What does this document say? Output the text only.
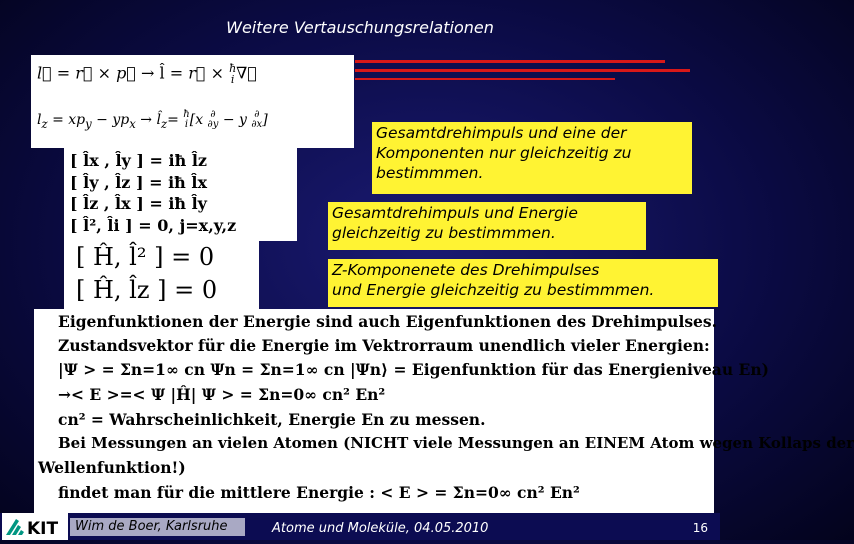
Weitere Vertauschungsrelationen
l⃗ = r⃗ × p⃗ → l̂ = r⃗ × ħ
i ∇⃗
$l_z = xp_y - yp_x$ → $l̂_z=$ ħ
i [x ∂
∂y − y ∂
∂x]
[ l̂x , l̂y ] = iħ l̂z
[ l̂y , l̂z ] = iħ l̂x
[ l̂z , l̂x ] = iħ l̂y
[ l̂², l̂i ] = 0, j=x,y,z
[ Ĥ, l̂² ] = 0
[ Ĥ, l̂z ] = 0
Gesamtdrehimpuls und eine der
Komponenten nur gleichzeitig zu
bestimmmen.
Gesamtdrehimpuls und Energie
gleichzeitig zu bestimmmen.
Z-Komponenete des Drehimpulses
und Energie gleichzeitig zu bestimmmen.
Eigenfunktionen der Energie sind auch Eigenfunktionen des Drehimpulses.
Zustandsvektor für die Energie im Vektrorraum unendlich vieler Energien:
|Ψ > = Σn=1∞ cn Ψn = Σn=1∞ cn |Ψn⟩ = Eigenfunktion für das Energieniveau En)
→< E >=< Ψ |Ĥ| Ψ > = Σn=0∞ cn² En²
cn² = Wahrscheinlichkeit, Energie En zu messen.
Bei Messungen an vielen Atomen (NICHT viele Messungen an EINEM Atom wegen Kollaps der
Wellenfunktion!)
findet man für die mittlere Energie : < E > = Σn=0∞ cn² En²
KIT	Wim de Boer, Karlsruhe	Atome und Moleküle, 04.05.2010	16
